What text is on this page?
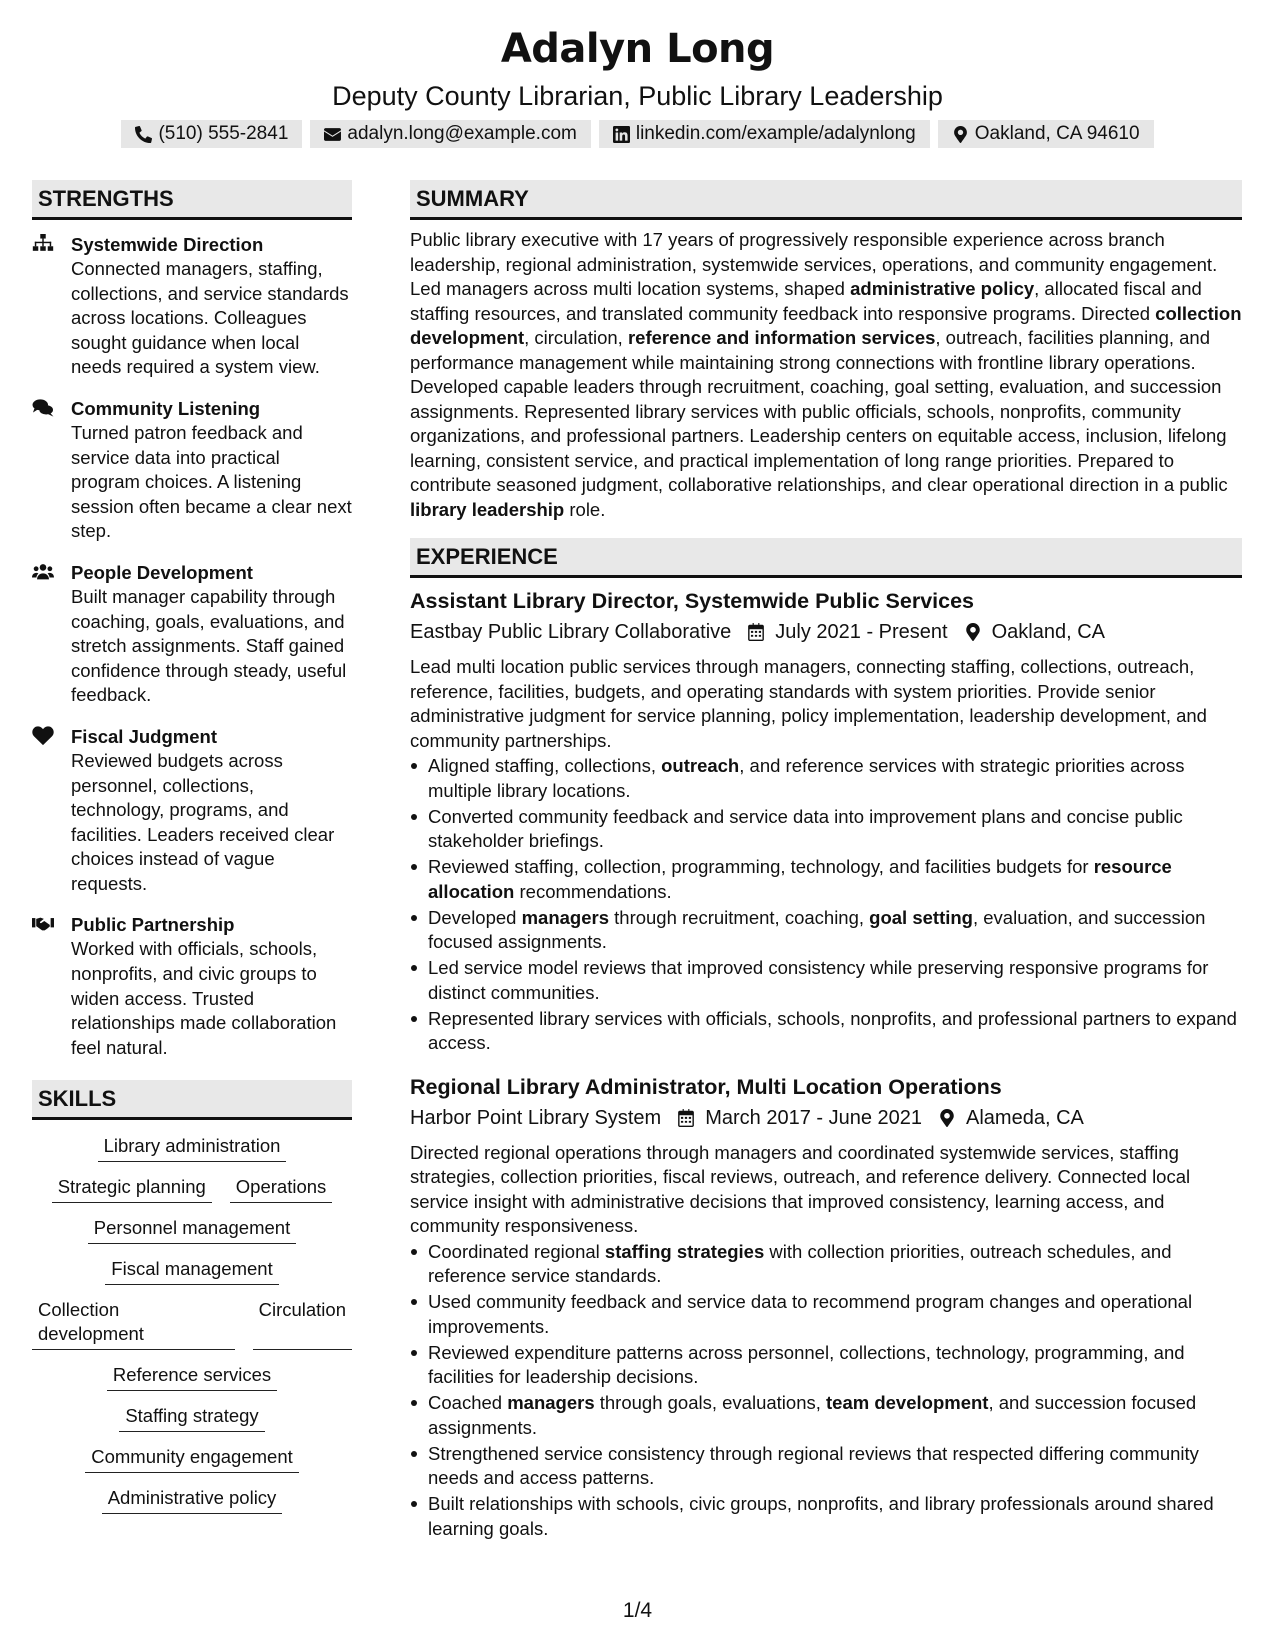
Adalyn Long
Deputy County Librarian, Public Library Leadership
(510) 555-2841	adalyn.long@example.com	linkedin.com/example/adalynlong	Oakland, CA 94610
STRENGTHS
Systemwide Direction
Connected managers, staffing, collections, and service standards across locations. Colleagues sought guidance when local needs required a system view.
Community Listening
Turned patron feedback and service data into practical program choices. A listening session often became a clear next step.
People Development
Built manager capability through coaching, goals, evaluations, and stretch assignments. Staff gained confidence through steady, useful feedback.
Fiscal Judgment
Reviewed budgets across personnel, collections, technology, programs, and facilities. Leaders received clear choices instead of vague requests.
Public Partnership
Worked with officials, schools, nonprofits, and civic groups to widen access. Trusted relationships made collaboration feel natural.
SKILLS
Library administration
Strategic planning	Operations
Personnel management
Fiscal management
Collection development
Circulation
Reference services
Staffing strategy
Community engagement
Administrative policy
SUMMARY

Public library executive with 17 years of progressively responsible experience across branch leadership, regional administration, systemwide services, operations, and community engagement. Led managers across multi location systems, shaped administrative policy, allocated fiscal and staffing resources, and translated community feedback into responsive programs. Directed collection development, circulation, reference and information services, outreach, facilities planning, and performance management while maintaining strong connections with frontline library operations. Developed capable leaders through recruitment, coaching, goal setting, evaluation, and succession assignments. Represented library services with public officials, schools, nonprofits, community organizations, and professional partners. Leadership centers on equitable access, inclusion, lifelong learning, consistent service, and practical implementation of long range priorities. Prepared to contribute seasoned judgment, collaborative relationships, and clear operational direction in a public library leadership role.

EXPERIENCE
Assistant Library Director, Systemwide Public Services
Eastbay Public Library Collaborative July 2021 - Present Oakland, CA

Lead multi location public services through managers, connecting staffing, collections, outreach, reference, facilities, budgets, and operating standards with system priorities. Provide senior administrative judgment for service planning, policy implementation, leadership development, and community partnerships.

Aligned staffing, collections, outreach, and reference services with strategic priorities across multiple library locations.
Converted community feedback and service data into improvement plans and concise public stakeholder briefings.
Reviewed staffing, collection, programming, technology, and facilities budgets for resource allocation recommendations.
Developed managers through recruitment, coaching, goal setting, evaluation, and succession focused assignments.
Led service model reviews that improved consistency while preserving responsive programs for distinct communities.
Represented library services with officials, schools, nonprofits, and professional partners to expand access.
Regional Library Administrator, Multi Location Operations
Harbor Point Library System March 2017 - June 2021 Alameda, CA

Directed regional operations through managers and coordinated systemwide services, staffing strategies, collection priorities, fiscal reviews, outreach, and reference delivery. Connected local service insight with administrative decisions that improved consistency, learning access, and community responsiveness.

Coordinated regional staffing strategies with collection priorities, outreach schedules, and reference service standards.
Used community feedback and service data to recommend program changes and operational improvements.
Reviewed expenditure patterns across personnel, collections, technology, programming, and facilities for leadership decisions.
Coached managers through goals, evaluations, team development, and succession focused assignments.
Strengthened service consistency through regional reviews that respected differing community needs and access patterns.
Built relationships with schools, civic groups, nonprofits, and library professionals around shared learning goals.
1/4
